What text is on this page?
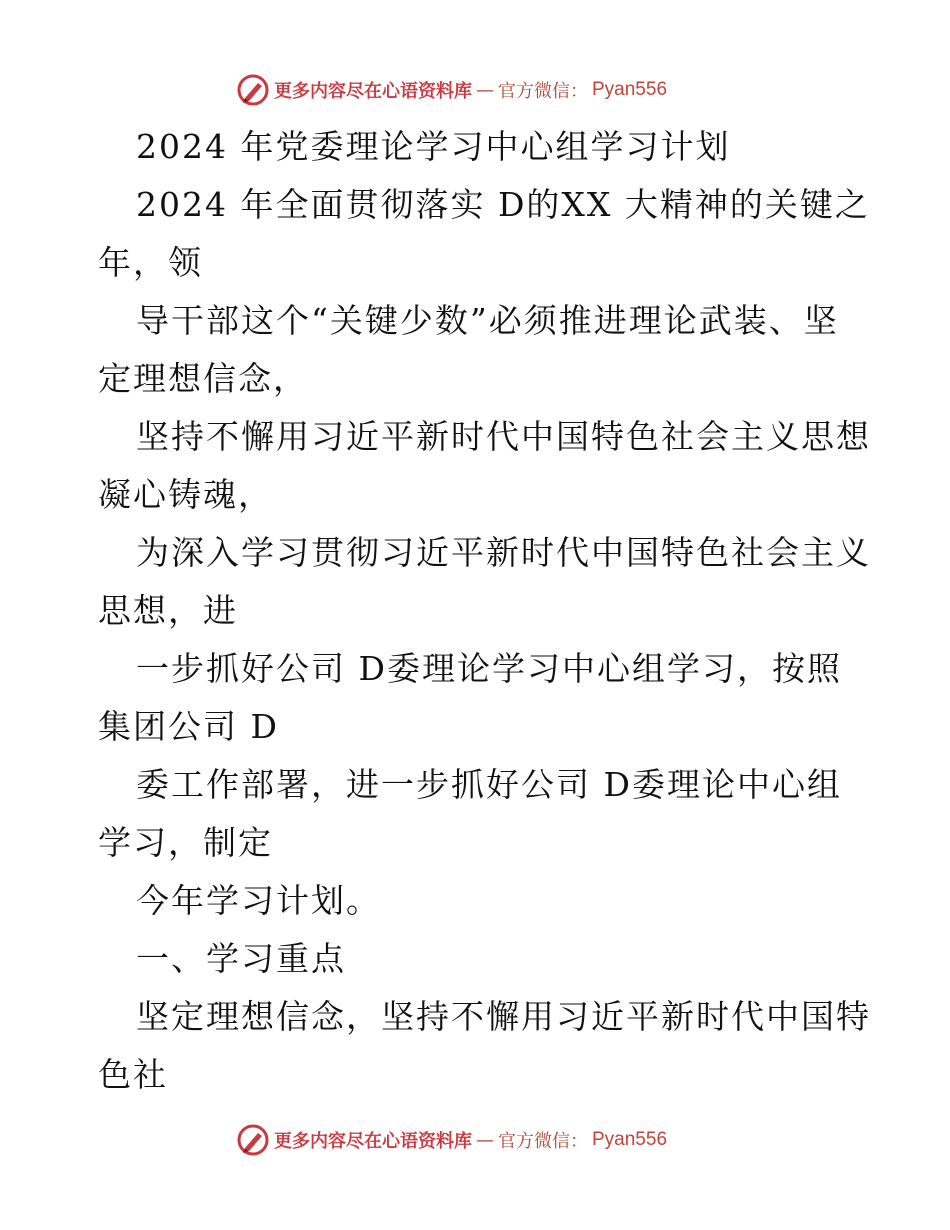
更多内容尽在心语资料库 — 官方微信： Pyan556
2024 年党委理论学习中心组学习计划
2024 年全面贯彻落实 D的XX 大精神的关键之
年，领
导干部这个“关键少数”必须推进理论武装、坚
定理想信念，
坚持不懈用习近平新时代中国特色社会主义思想
凝心铸魂，
为深入学习贯彻习近平新时代中国特色社会主义
思想，进
一步抓好公司 D委理论学习中心组学习，按照
集团公司 D
委工作部署，进一步抓好公司 D委理论中心组
学习，制定
今年学习计划。
一、学习重点
坚定理想信念，坚持不懈用习近平新时代中国特
色社
更多内容尽在心语资料库 — 官方微信： Pyan556
